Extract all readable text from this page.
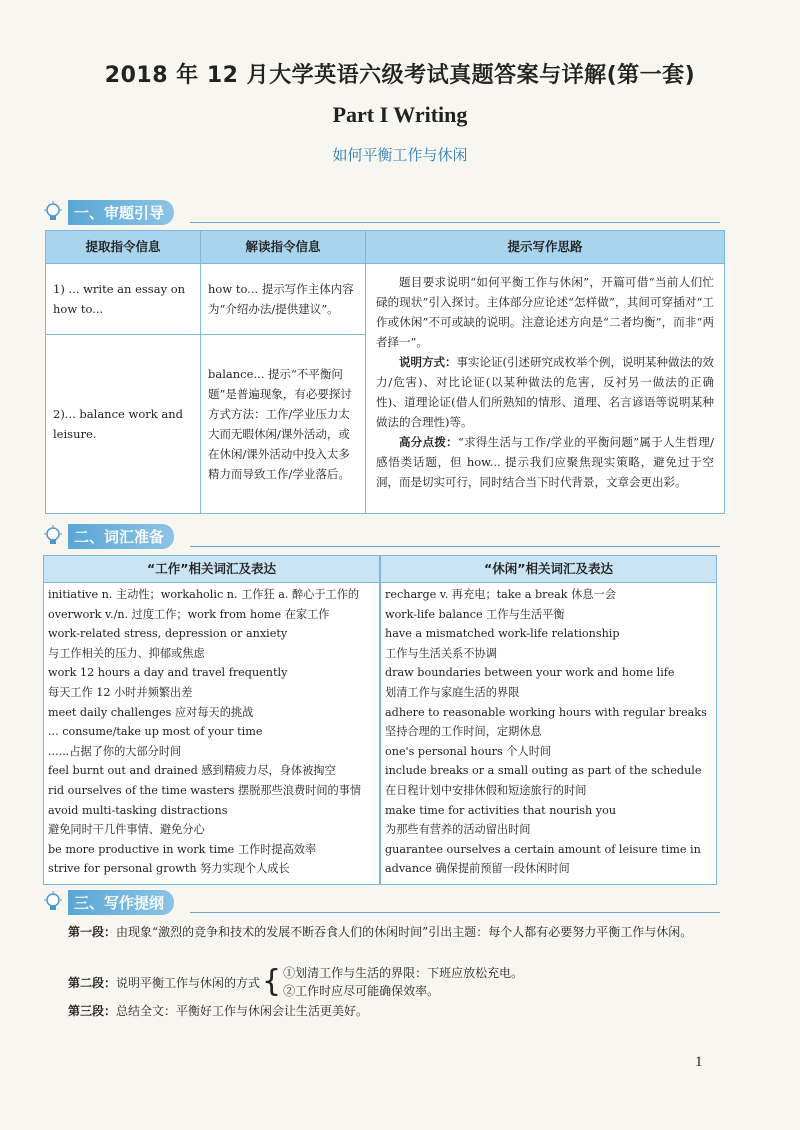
2018 年 12 月大学英语六级考试真题答案与详解(第一套)
Part I Writing
如何平衡工作与休闲
一、审题引导
提取指令信息	解读指令信息	提示写作思路
1) ... write an essay on how to...	how to... 提示写作主体内容为“介绍办法/提供建议”。	题目要求说明“如何平衡工作与休闲”，开篇可借“当前人们忙碌的现状”引入探讨。主体部分应论述“怎样做”，其间可穿插对“工作或休闲”不可或缺的说明。注意论述方向是“二者均衡”，而非“两者择一”。

说明方式：事实论证(引述研究成枚举个例，说明某种做法的效力/危害)、对比论证(以某种做法的危害，反衬另一做法的正确性)、道理论证(借人们所熟知的情形、道理、名言谚语等说明某种做法的合理性)等。

高分点拨：“求得生活与工作/学业的平衡问题”属于人生哲理/感悟类话题，但 how... 提示我们应聚焦现实策略，避免过于空洞，而是切实可行，同时结合当下时代背景，文章会更出彩。

2)... balance work and leisure.	balance... 提示“不平衡问题”是普遍现象，有必要探讨方式方法：工作/学业压力太大而无暇休闲/课外活动，或在休闲/课外活动中投入太多精力而导致工作/学业落后。	
二、词汇准备
“工作”相关词汇及表达
initiative n. 主动性；workaholic n. 工作狂 a. 醉心于工作的
overwork v./n. 过度工作；work from home 在家工作
work-related stress, depression or anxiety
与工作相关的压力、抑郁或焦虑
work 12 hours a day and travel frequently
每天工作 12 小时并频繁出差
meet daily challenges 应对每天的挑战
... consume/take up most of your time
......占据了你的大部分时间
feel burnt out and drained 感到精疲力尽，身体被掏空
rid ourselves of the time wasters 摆脱那些浪费时间的事情
avoid multi-tasking distractions
避免同时干几件事情、避免分心
be more productive in work time 工作时提高效率
strive for personal growth 努力实现个人成长
“休闲”相关词汇及表达
recharge v. 再充电；take a break 休息一会
work-life balance 工作与生活平衡
have a mismatched work-life relationship
工作与生活关系不协调
draw boundaries between your work and home life
划清工作与家庭生活的界限
adhere to reasonable working hours with regular breaks
坚持合理的工作时间，定期休息
one's personal hours 个人时间
include breaks or a small outing as part of the schedule
在日程计划中安排休假和短途旅行的时间
make time for activities that nourish you
为那些有营养的活动留出时间
guarantee ourselves a certain amount of leisure time in
advance 确保提前预留一段休闲时间
三、写作提纲
第一段：由现象“激烈的竞争和技术的发展不断吞食人们的休闲时间”引出主题：每个人都有必要努力平衡工作与休闲。
第二段： 说明平衡工作与休闲的方式 { ①划清工作与生活的界限：下班应放松充电。
②工作时应尽可能确保效率。
第三段：总结全文：平衡好工作与休闲会让生活更美好。
1
